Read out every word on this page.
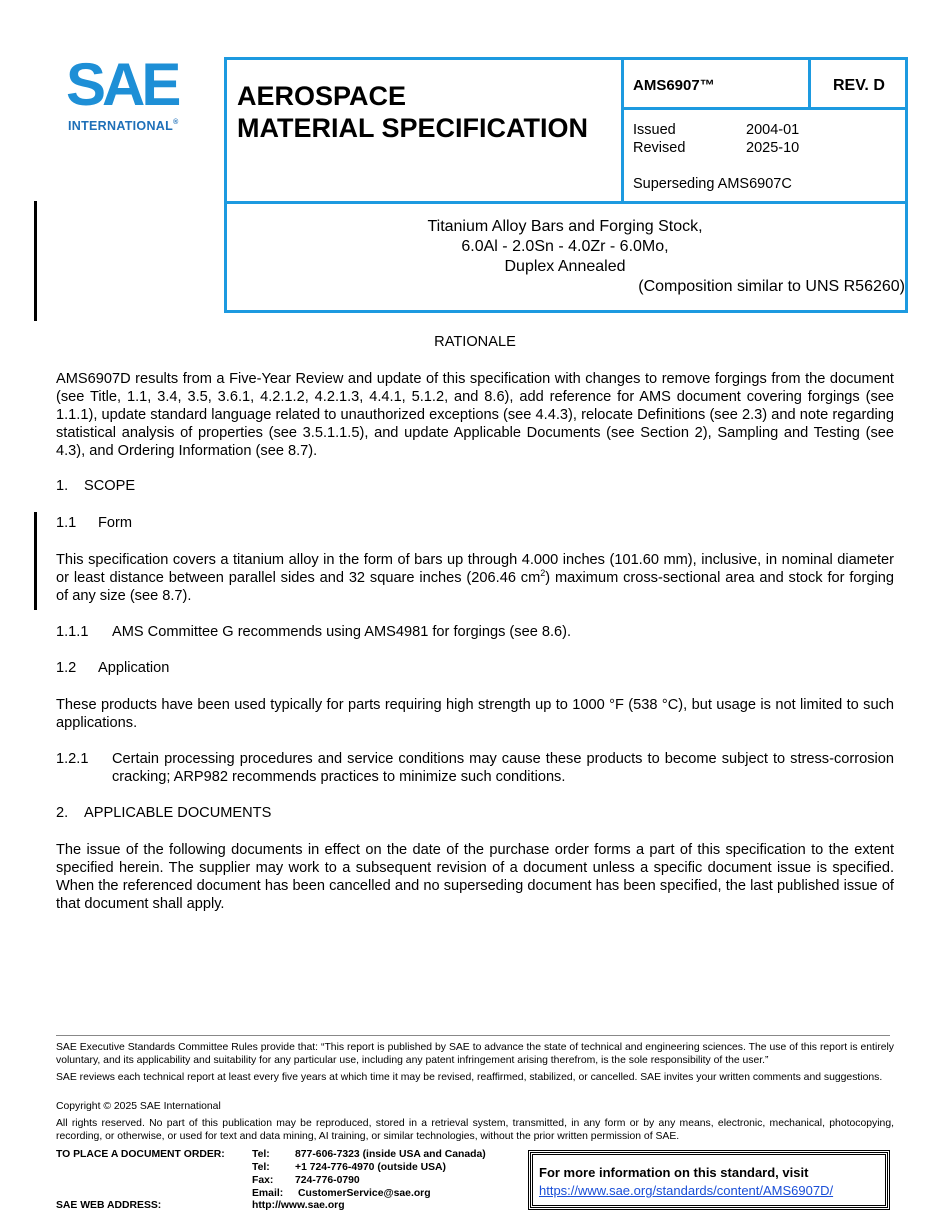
SAE
INTERNATIONAL®
AEROSPACE
MATERIAL SPECIFICATION
AMS6907™	REV. D
Issued	2004-01
Revised	2025-10
Superseding AMS6907C
Titanium Alloy Bars and Forging Stock,
6.0Al - 2.0Sn - 4.0Zr - 6.0Mo,
Duplex Annealed
(Composition similar to UNS R56260)
RATIONALE
AMS6907D results from a Five-Year Review and update of this specification with changes to remove forgings from the document (see Title, 1.1, 3.4, 3.5, 3.6.1, 4.2.1.2, 4.2.1.3, 4.4.1, 5.1.2, and 8.6), add reference for AMS document covering forgings (see 1.1.1), update standard language related to unauthorized exceptions (see 4.4.3), relocate Definitions (see 2.3) and note regarding statistical analysis of properties (see 3.5.1.1.5), and update Applicable Documents (see Section 2), Sampling and Testing (see 4.3), and Ordering Information (see 8.7).
1. SCOPE
1.1 Form
This specification covers a titanium alloy in the form of bars up through 4.000 inches (101.60 mm), inclusive, in nominal diameter or least distance between parallel sides and 32 square inches (206.46 $cm^2$) maximum cross-sectional area and stock for forging of any size (see 8.7).
1.1.1 AMS Committee G recommends using AMS4981 for forgings (see 8.6).
1.2 Application
These products have been used typically for parts requiring high strength up to 1000 °F (538 °C), but usage is not limited to such applications.
1.2.1 Certain processing procedures and service conditions may cause these products to become subject to stress-corrosion cracking; ARP982 recommends practices to minimize such conditions.
2. APPLICABLE DOCUMENTS
The issue of the following documents in effect on the date of the purchase order forms a part of this specification to the extent specified herein. The supplier may work to a subsequent revision of a document unless a specific document issue is specified. When the referenced document has been cancelled and no superseding document has been specified, the last published issue of that document shall apply.
SAE Executive Standards Committee Rules provide that: “This report is published by SAE to advance the state of technical and engineering sciences. The use of this report is entirely voluntary, and its applicability and suitability for any particular use, including any patent infringement arising therefrom, is the sole responsibility of the user.”
SAE reviews each technical report at least every five years at which time it may be revised, reaffirmed, stabilized, or cancelled. SAE invites your written comments and suggestions.
Copyright © 2025 SAE International
All rights reserved. No part of this publication may be reproduced, stored in a retrieval system, transmitted, in any form or by any means, electronic, mechanical, photocopying, recording, or otherwise, or used for text and data mining, AI training, or similar technologies, without the prior written permission of SAE.
TO PLACE A DOCUMENT ORDER:	Tel: 877-606-7323 (inside USA and Canada)
Tel: +1 724-776-4970 (outside USA)
Fax: 724-776-0790
Email: CustomerService@sae.org
SAE WEB ADDRESS:	http://www.sae.org
For more information on this standard, visit
https://www.sae.org/standards/content/AMS6907D/
